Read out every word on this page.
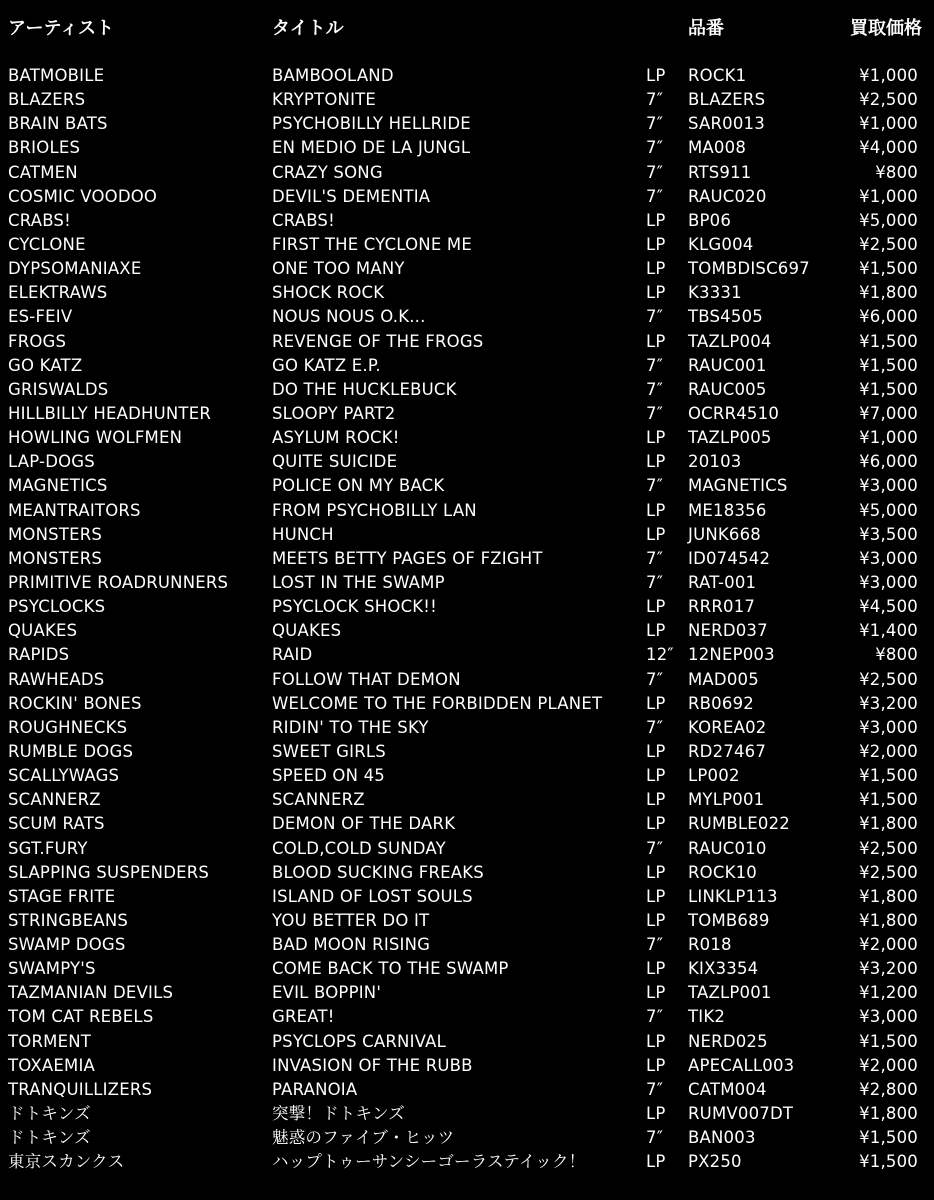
アーティスト	タイトル	品番	買取価格
BATMOBILE	BAMBOOLAND	LP ROCK1	¥1,000
BLAZERS	KRYPTONITE	7″ BLAZERS	¥2,500
BRAIN BATS	PSYCHOBILLY HELLRIDE	7″ SAR0013	¥1,000
BRIOLES	EN MEDIO DE LA JUNGL	7″ MA008	¥4,000
CATMEN	CRAZY SONG	7″ RTS911	¥800
COSMIC VOODOO	DEVIL'S DEMENTIA	7″ RAUC020	¥1,000
CRABS!	CRABS!	LP BP06	¥5,000
CYCLONE	FIRST THE CYCLONE ME	LP KLG004	¥2,500
DYPSOMANIAXE	ONE TOO MANY	LP TOMBDISC697	¥1,500
ELEKTRAWS	SHOCK ROCK	LP K3331	¥1,800
ES-FEIV	NOUS NOUS O.K...	7″ TBS4505	¥6,000
FROGS	REVENGE OF THE FROGS	LP TAZLP004	¥1,500
GO KATZ	GO KATZ E.P.	7″ RAUC001	¥1,500
GRISWALDS	DO THE HUCKLEBUCK	7″ RAUC005	¥1,500
HILLBILLY HEADHUNTER	SLOOPY PART2	7″ OCRR4510	¥7,000
HOWLING WOLFMEN	ASYLUM ROCK!	LP TAZLP005	¥1,000
LAP-DOGS	QUITE SUICIDE	LP 20103	¥6,000
MAGNETICS	POLICE ON MY BACK	7″ MAGNETICS	¥3,000
MEANTRAITORS	FROM PSYCHOBILLY LAN	LP ME18356	¥5,000
MONSTERS	HUNCH	LP JUNK668	¥3,500
MONSTERS	MEETS BETTY PAGES OF FZIGHT	7″ ID074542	¥3,000
PRIMITIVE ROADRUNNERS	LOST IN THE SWAMP	7″ RAT-001	¥3,000
PSYCLOCKS	PSYCLOCK SHOCK!!	LP RRR017	¥4,500
QUAKES	QUAKES	LP NERD037	¥1,400
RAPIDS	RAID	12″ 12NEP003	¥800
RAWHEADS	FOLLOW THAT DEMON	7″ MAD005	¥2,500
ROCKIN' BONES	WELCOME TO THE FORBIDDEN PLANET	LP RB0692	¥3,200
ROUGHNECKS	RIDIN' TO THE SKY	7″ KOREA02	¥3,000
RUMBLE DOGS	SWEET GIRLS	LP RD27467	¥2,000
SCALLYWAGS	SPEED ON 45	LP LP002	¥1,500
SCANNERZ	SCANNERZ	LP MYLP001	¥1,500
SCUM RATS	DEMON OF THE DARK	LP RUMBLE022	¥1,800
SGT.FURY	COLD,COLD SUNDAY	7″ RAUC010	¥2,500
SLAPPING SUSPENDERS	BLOOD SUCKING FREAKS	LP ROCK10	¥2,500
STAGE FRITE	ISLAND OF LOST SOULS	LP LINKLP113	¥1,800
STRINGBEANS	YOU BETTER DO IT	LP TOMB689	¥1,800
SWAMP DOGS	BAD MOON RISING	7″ R018	¥2,000
SWAMPY'S	COME BACK TO THE SWAMP	LP KIX3354	¥3,200
TAZMANIAN DEVILS	EVIL BOPPIN'	LP TAZLP001	¥1,200
TOM CAT REBELS	GREAT!	7″ TIK2	¥3,000
TORMENT	PSYCLOPS CARNIVAL	LP NERD025	¥1,500
TOXAEMIA	INVASION OF THE RUBB	LP APECALL003	¥2,000
TRANQUILLIZERS	PARANOIA	7″ CATM004	¥2,800
ドトキンズ	突撃！ドトキンズ	LP RUMV007DT	¥1,800
ドトキンズ	魅惑のファイブ・ヒッツ	7″ BAN003	¥1,500
東京スカンクス	ハップトゥーサンシーゴーラステイック！	LP PX250	¥1,500
